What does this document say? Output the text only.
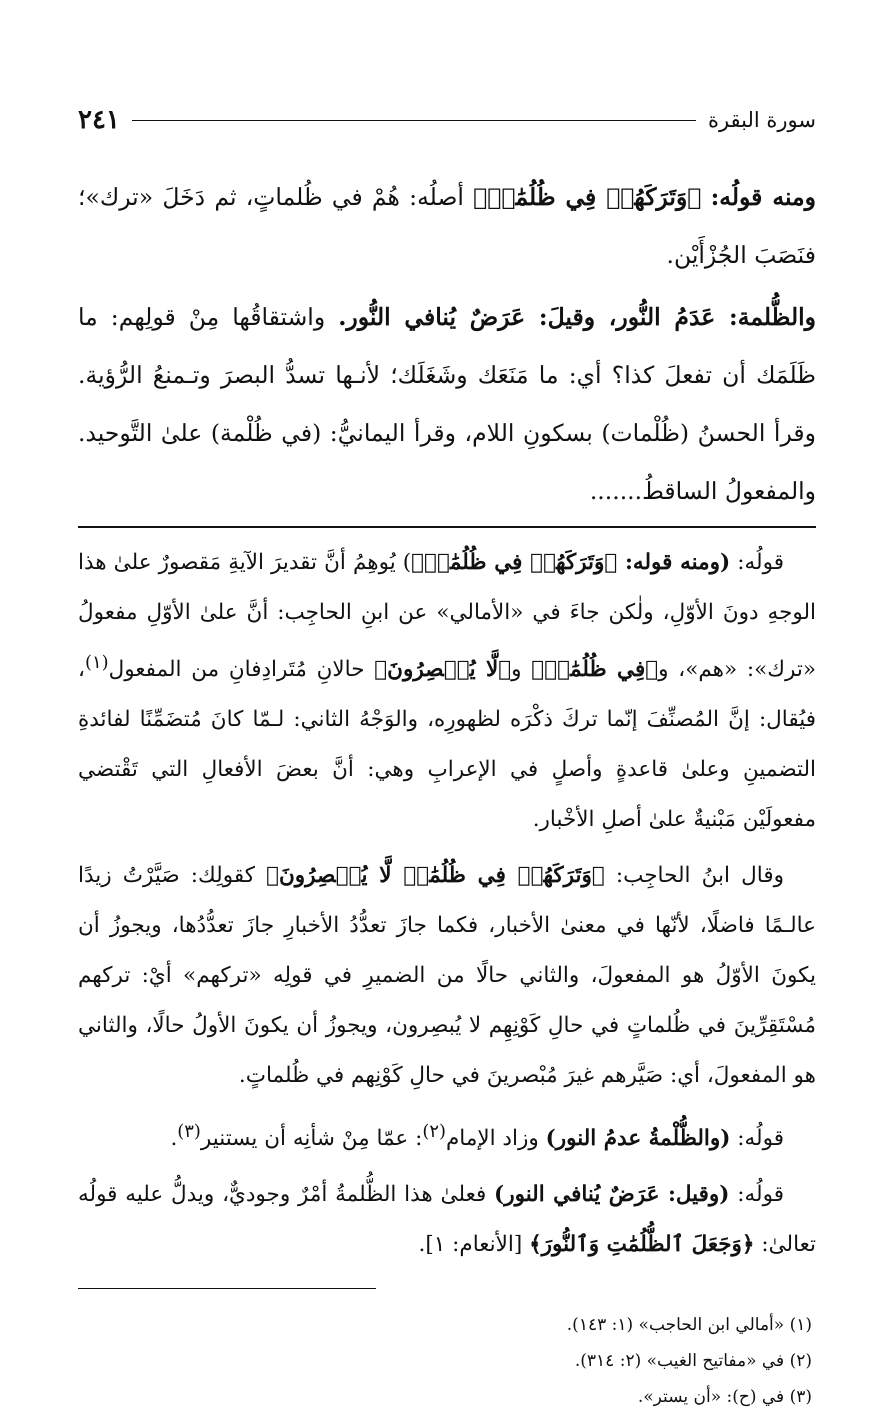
سورة البقرة
٢٤١

ومنه قولُه: ﴿وَتَرَكَهُمۡ فِي ظُلُمَٰتٖ﴾ أصلُه: هُمْ في ظُلماتٍ، ثم دَخَلَ «ترك»؛ فنَصَبَ الجُزْأَيْن.

والظُّلمة: عَدَمُ النُّور، وقيلَ: عَرَضٌ يُنافي النُّور. واشتقاقُها مِنْ قولِهم: ما ظَلَمَك أن تفعلَ كذا؟ أي: ما مَنَعَك وشَغَلَك؛ لأنـها تسدُّ البصرَ وتـمنعُ الرُّؤية. وقرأ الحسنُ (ظُلْمات) بسكونِ اللام، وقرأ اليمانيُّ: (في ظُلْمة) علىٰ التَّوحيد. والمفعولُ الساقطُ.......

قولُه: (ومنه قوله: ﴿وَتَرَكَهُمۡ فِي ظُلُمَٰتٖ﴾) يُوهِمُ أنَّ تقديرَ الآيةِ مَقصورٌ علىٰ هذا الوجهِ دونَ الأوّلِ، ولٰكن جاءَ في «الأمالي» عن ابنِ الحاجِب: أنَّ علىٰ الأوّلِ مفعولُ «ترك»: «هم»، و﴿فِي ظُلُمَٰتٖ﴾ و﴿لَّا يُبۡصِرُونَ﴾ حالانِ مُتَرادِفانِ من المفعول$^{(١)}$، فيُقال: إنَّ المُصنِّفَ إنّما تركَ ذكْرَه لظهورِه، والوَجْهُ الثاني: لـمّا كانَ مُتضَمِّنًا لفائدةِ التضمينِ وعلىٰ قاعدةٍ وأصلٍ في الإعرابِ وهي: أنَّ بعضَ الأفعالِ التي تَقْتضي مفعولَيْن مَبْنيةٌ علىٰ أصلِ الأخْبار.

وقال ابنُ الحاجِب: ﴿وَتَرَكَهُمۡ فِي ظُلُمَٰتٖ لَّا يُبۡصِرُونَ﴾ كقولِك: صَيَّرْتُ زيدًا عالـمًا فاضلًا، لأنّها في معنىٰ الأخبار، فكما جازَ تعدُّدُ الأخبارِ جازَ تعدُّدُها، ويجوزُ أن يكونَ الأوّلُ هو المفعولَ، والثاني حالًا من الضميرِ في قولِه «تركهم» أيْ: تركهم مُسْتَقِرِّينَ في ظُلماتٍ في حالِ كَوْنِهِم لا يُبصِرون، ويجوزُ أن يكونَ الأولُ حالًا، والثاني هو المفعولَ، أي: صَيَّرهم غيرَ مُبْصرينَ في حالِ كَوْنِهم في ظُلماتٍ.

قولُه: (والظُّلْمةُ عدمُ النور) وزاد الإمام$^{(٢)}$: عمّا مِنْ شأنِه أن يستنير$^{(٣)}$.

قولُه: (وقيل: عَرَضٌ يُنافي النور) فعلىٰ هذا الظُّلمةُ أمْرٌ وجوديٌّ، ويدلُّ عليه قولُه تعالىٰ: ﴿وَجَعَلَ ٱلظُّلُمَٰتِ وَٱلنُّورَ﴾ [الأنعام: ١].

(١) «أمالي ابن الحاجب» (١: ١٤٣).

(٢) في «مفاتيح الغيب» (٢: ٣١٤).

(٣) في (ح): «أن يستر».
